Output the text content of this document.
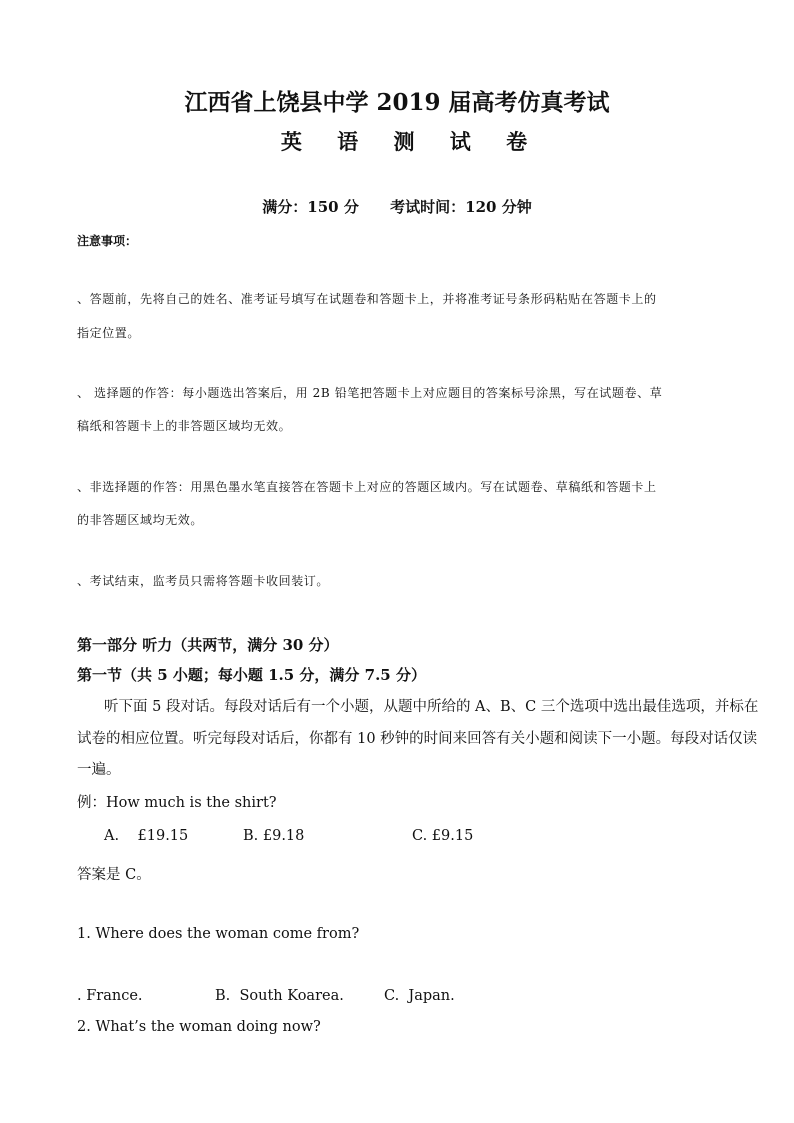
江西省上饶县中学 2019 届高考仿真考试
英 语 测 试 卷
满分：150 分      考试时间：120 分钟
注意事项：
、答题前，先将自己的姓名、准考证号填写在试题卷和答题卡上，并将准考证号条形码粘贴在答题卡上的
指定位置。
、 选择题的作答：每小题选出答案后，用 2B 铅笔把答题卡上对应题目的答案标号涂黑，写在试题卷、草
稿纸和答题卡上的非答题区域均无效。
、非选择题的作答：用黑色墨水笔直接答在答题卡上对应的答题区域内。写在试题卷、草稿纸和答题卡上
的非答题区域均无效。
、考试结束，监考员只需将答题卡收回装订。
第一部分 听力（共两节，满分 30 分）
第一节（共 5 小题；每小题 1.5 分，满分 7.5 分）
听下面 5 段对话。每段对话后有一个小题，从题中所给的 A、B、C 三个选项中选出最佳选项，并标在
试卷的相应位置。听完每段对话后，你都有 10 秒钟的时间来回答有关小题和阅读下一小题。每段对话仅读
一遍。
例：How much is the shirt?
A.    £19.15	B. £9.18	C. £9.15
答案是 C。
1. Where does the woman come from?
. France.	B.  South Koarea.	C.  Japan.
2. What’s the woman doing now?
